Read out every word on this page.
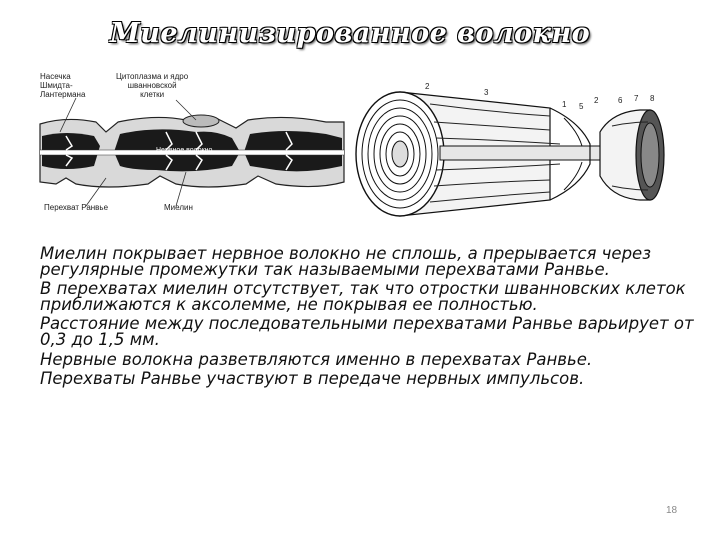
Миелинизированное волокно
Насечка
Шмидта-
Лантермана
Цитоплазма и ядро
шванновской
клетки
Нервное волокно
Перехват Ранвье	Миелин
2
3
1 5
2 6 7 8

Миелин покрывает нервное волокно не сплошь, а прерывается через регулярные промежутки так называемыми перехватами Ранвье.

В перехватах миелин отсутствует, так что отростки шванновских клеток приближаются к аксолемме, не покрывая ее полностью.

Расстояние между последовательными перехватами Ранвье варьирует от 0,3 до 1,5 мм.

Нервные волокна разветвляются именно в перехватах Ранвье.

Перехваты Ранвье участвуют в передаче нервных импульсов.

18
